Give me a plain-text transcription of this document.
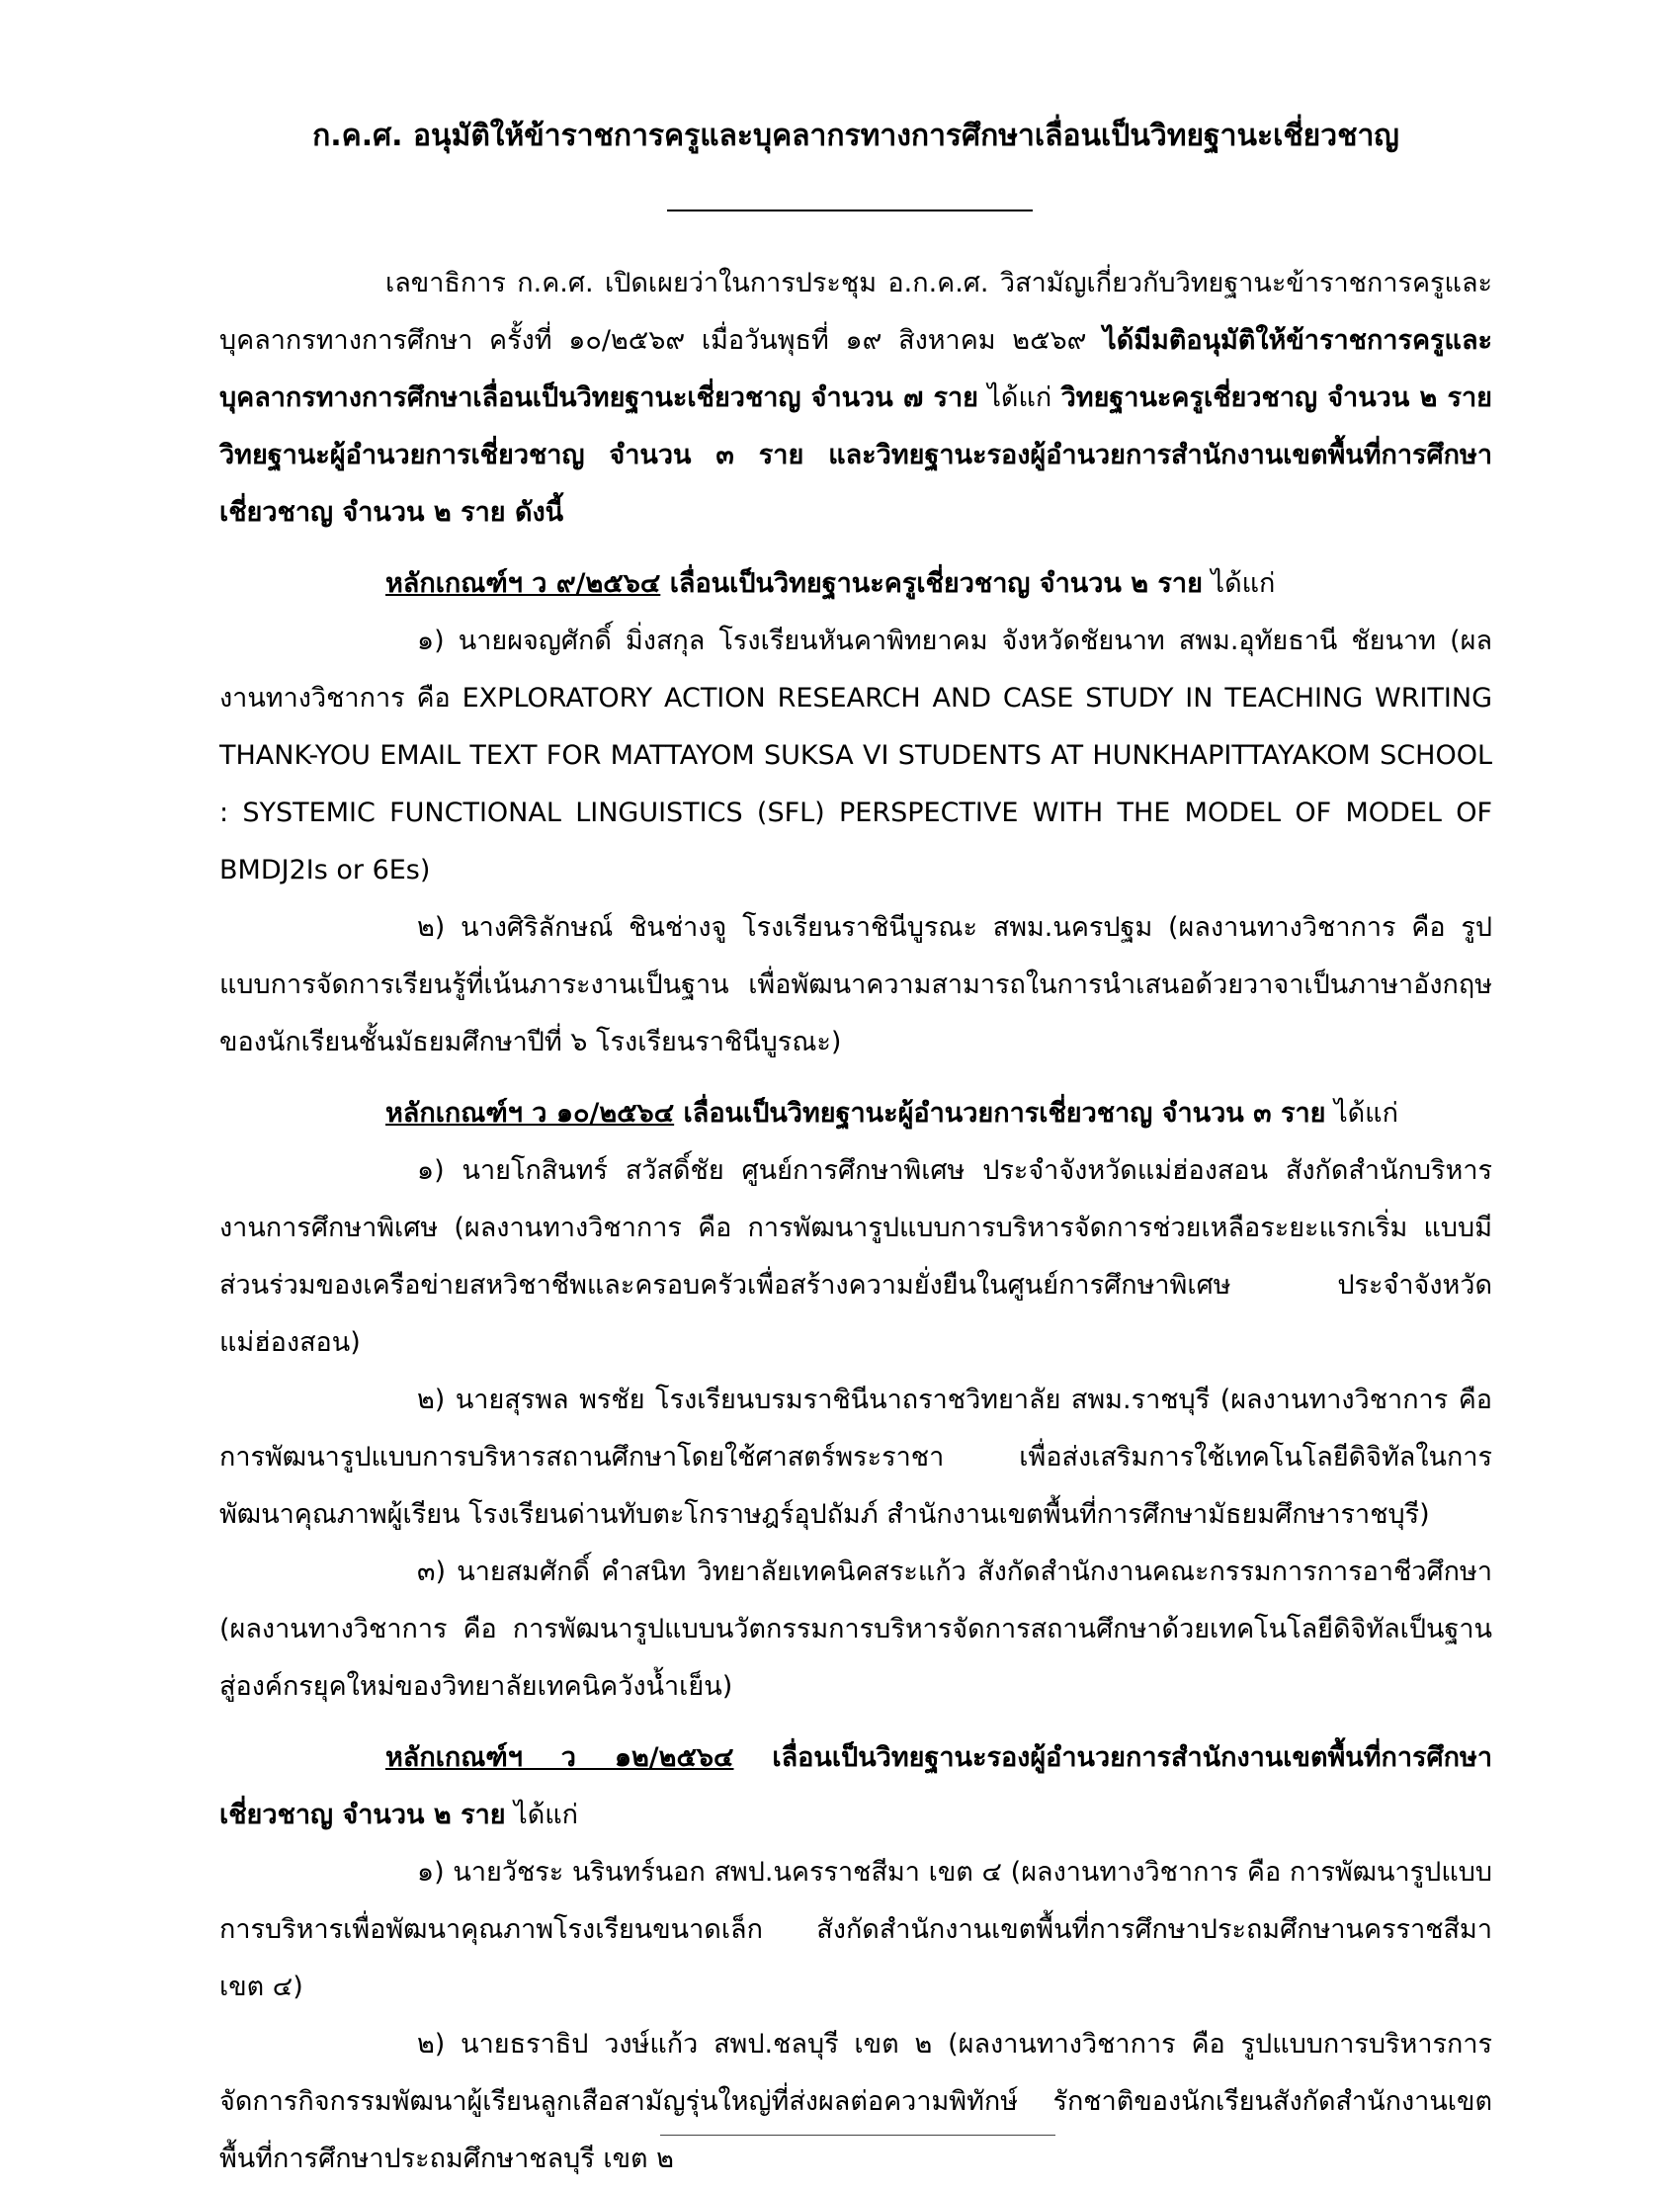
ก.ค.ศ. อนุมัติให้ข้าราชการครูและบุคลากรทางการศึกษาเลื่อนเป็นวิทยฐานะเชี่ยวชาญ

เลขาธิการ ก.ค.ศ. เปิดเผยว่าในการประชุม อ.ก.ค.ศ. วิสามัญเกี่ยวกับวิทยฐานะข้าราชการครูและบุคลากรทางการศึกษา ครั้งที่ ๑๐/๒๕๖๙ เมื่อวันพุธที่ ๑๙ สิงหาคม ๒๕๖๙ ได้มีมติอนุมัติให้ข้าราชการครูและบุคลากรทางการศึกษาเลื่อนเป็นวิทยฐานะเชี่ยวชาญ จำนวน ๗ ราย ได้แก่ วิทยฐานะครูเชี่ยวชาญ จำนวน ๒ ราย วิทยฐานะผู้อำนวยการเชี่ยวชาญ จำนวน ๓ ราย และวิทยฐานะรองผู้อำนวยการสำนักงานเขตพื้นที่การศึกษาเชี่ยวชาญ จำนวน ๒ ราย ดังนี้

หลักเกณฑ์ฯ ว ๙/๒๕๖๔ เลื่อนเป็นวิทยฐานะครูเชี่ยวชาญ จำนวน ๒ ราย ได้แก่

๑) นายผจญศักดิ์ มิ่งสกุล โรงเรียนหันคาพิทยาคม จังหวัดชัยนาท สพม.อุทัยธานี ชัยนาท (ผลงานทางวิชาการ คือ EXPLORATORY ACTION RESEARCH AND CASE STUDY IN TEACHING WRITING THANK-YOU EMAIL TEXT FOR MATTAYOM SUKSA VI STUDENTS AT HUNKHAPITTAYAKOM SCHOOL : SYSTEMIC FUNCTIONAL LINGUISTICS (SFL) PERSPECTIVE WITH THE MODEL OF MODEL OF BMDJ2Is or 6Es)

๒) นางศิริลักษณ์ ชินช่างจู โรงเรียนราชินีบูรณะ สพม.นครปฐม (ผลงานทางวิชาการ คือ รูปแบบการจัดการเรียนรู้ที่เน้นภาระงานเป็นฐาน เพื่อพัฒนาความสามารถในการนำเสนอด้วยวาจาเป็นภาษาอังกฤษ ของนักเรียนชั้นมัธยมศึกษาปีที่ ๖ โรงเรียนราชินีบูรณะ)

หลักเกณฑ์ฯ ว ๑๐/๒๕๖๔ เลื่อนเป็นวิทยฐานะผู้อำนวยการเชี่ยวชาญ จำนวน ๓ ราย ได้แก่

๑) นายโกสินทร์ สวัสดิ์ชัย ศูนย์การศึกษาพิเศษ ประจำจังหวัดแม่ฮ่องสอน สังกัดสำนักบริหารงานการศึกษาพิเศษ (ผลงานทางวิชาการ คือ การพัฒนารูปแบบการบริหารจัดการช่วยเหลือระยะแรกเริ่ม แบบมีส่วนร่วมของเครือข่ายสหวิชาชีพและครอบครัวเพื่อสร้างความยั่งยืนในศูนย์การศึกษาพิเศษ ประจำจังหวัดแม่ฮ่องสอน)

๒) นายสุรพล พรชัย โรงเรียนบรมราชินีนาถราชวิทยาลัย สพม.ราชบุรี (ผลงานทางวิชาการ คือ การพัฒนารูปแบบการบริหารสถานศึกษาโดยใช้ศาสตร์พระราชา เพื่อส่งเสริมการใช้เทคโนโลยีดิจิทัลในการพัฒนาคุณภาพผู้เรียน โรงเรียนด่านทับตะโกราษฎร์อุปถัมภ์ สำนักงานเขตพื้นที่การศึกษามัธยมศึกษาราชบุรี)

๓) นายสมศักดิ์ คำสนิท วิทยาลัยเทคนิคสระแก้ว สังกัดสำนักงานคณะกรรมการการอาชีวศึกษา (ผลงานทางวิชาการ คือ การพัฒนารูปแบบนวัตกรรมการบริหารจัดการสถานศึกษาด้วยเทคโนโลยีดิจิทัลเป็นฐานสู่องค์กรยุคใหม่ของวิทยาลัยเทคนิควังน้ำเย็น)

หลักเกณฑ์ฯ ว ๑๒/๒๕๖๔ เลื่อนเป็นวิทยฐานะรองผู้อำนวยการสำนักงานเขตพื้นที่การศึกษาเชี่ยวชาญ จำนวน ๒ ราย ได้แก่

๑) นายวัชระ นรินทร์นอก สพป.นครราชสีมา เขต ๔ (ผลงานทางวิชาการ คือ การพัฒนารูปแบบการบริหารเพื่อพัฒนาคุณภาพโรงเรียนขนาดเล็ก สังกัดสำนักงานเขตพื้นที่การศึกษาประถมศึกษานครราชสีมา เขต ๔)

๒) นายธราธิป วงษ์แก้ว สพป.ชลบุรี เขต ๒ (ผลงานทางวิชาการ คือ รูปแบบการบริหารการจัดการกิจกรรมพัฒนาผู้เรียนลูกเสือสามัญรุ่นใหญ่ที่ส่งผลต่อความพิทักษ์ รักชาติของนักเรียนสังกัดสำนักงานเขตพื้นที่การศึกษาประถมศึกษาชลบุรี เขต ๒
